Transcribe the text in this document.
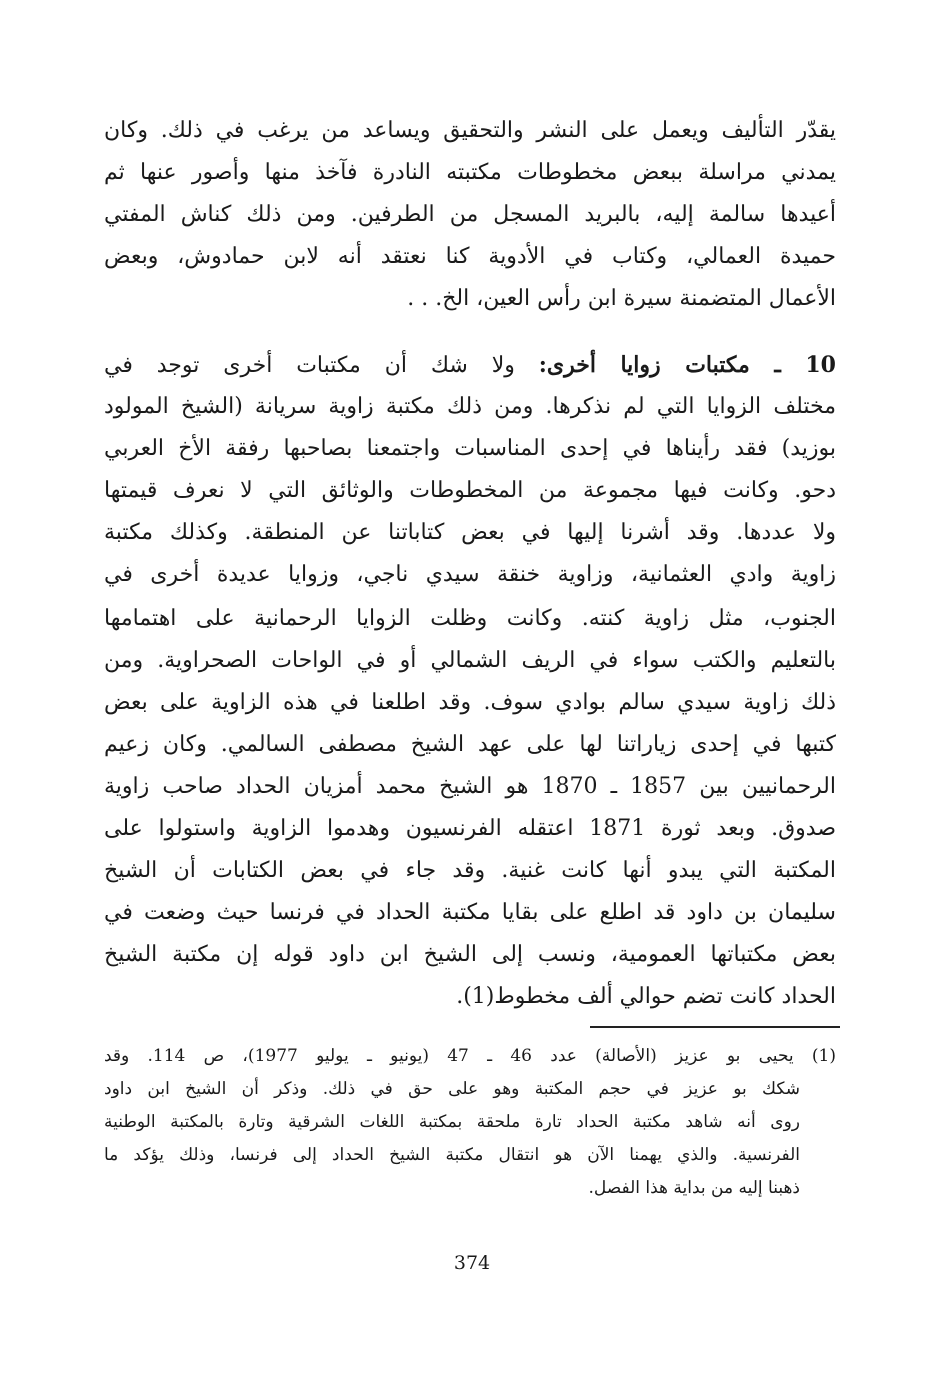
يقدّر التأليف ويعمل على النشر والتحقيق ويساعد من يرغب في ذلك. وكان
يمدني مراسلة ببعض مخطوطات مكتبته النادرة فآخذ منها وأصور عنها ثم
أعيدها سالمة إليه، بالبريد المسجل من الطرفين. ومن ذلك كناش المفتي
حميدة العمالي، وكتاب في الأدوية كنا نعتقد أنه لابن حمادوش، وبعض
الأعمال المتضمنة سيرة ابن رأس العين، الخ. . .
10 ـ مكتبات زوايا أخرى: ولا شك أن مكتبات أخرى توجد في
مختلف الزوايا التي لم نذكرها. ومن ذلك مكتبة زاوية سريانة (الشيخ المولود
بوزيد) فقد رأيناها في إحدى المناسبات واجتمعنا بصاحبها رفقة الأخ العربي
دحو. وكانت فيها مجموعة من المخطوطات والوثائق التي لا نعرف قيمتها
ولا عددها. وقد أشرنا إليها في بعض كتاباتنا عن المنطقة. وكذلك مكتبة
زاوية وادي العثمانية، وزاوية خنقة سيدي ناجي، وزوايا عديدة أخرى في
الجنوب، مثل زاوية كنته. وكانت وظلت الزوايا الرحمانية على اهتمامها
بالتعليم والكتب سواء في الريف الشمالي أو في الواحات الصحراوية. ومن
ذلك زاوية سيدي سالم بوادي سوف. وقد اطلعنا في هذه الزاوية على بعض
كتبها في إحدى زياراتنا لها على عهد الشيخ مصطفى السالمي. وكان زعيم
الرحمانيين بين 1857 ـ 1870 هو الشيخ محمد أمزيان الحداد صاحب زاوية
صدوق. وبعد ثورة 1871 اعتقله الفرنسيون وهدموا الزاوية واستولوا على
المكتبة التي يبدو أنها كانت غنية. وقد جاء في بعض الكتابات أن الشيخ
سليمان بن داود قد اطلع على بقايا مكتبة الحداد في فرنسا حيث وضعت في
بعض مكتباتها العمومية، ونسب إلى الشيخ ابن داود قوله إن مكتبة الشيخ
الحداد كانت تضم حوالي ألف مخطوط(1).
(1) يحيى بو عزيز (الأصالة) عدد 46 ـ 47 (يونيو ـ يوليو 1977)، ص 114. وقد
شكك بو عزيز في حجم المكتبة وهو على حق في ذلك. وذكر أن الشيخ ابن داود
روى أنه شاهد مكتبة الحداد تارة ملحقة بمكتبة اللغات الشرقية وتارة بالمكتبة الوطنية
الفرنسية. والذي يهمنا الآن هو انتقال مكتبة الشيخ الحداد إلى فرنسا، وذلك يؤكد ما
ذهبنا إليه من بداية هذا الفصل.
374
